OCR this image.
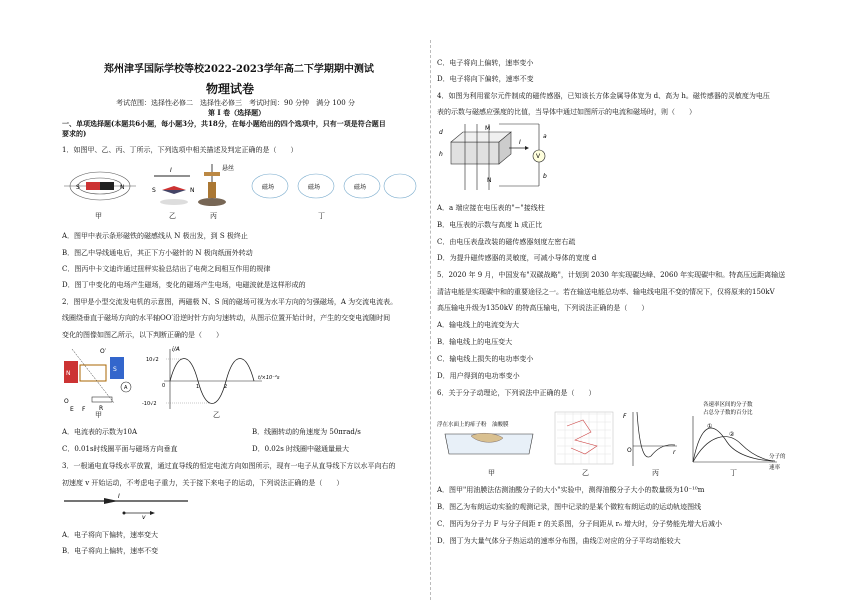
郑州津孚国际学校等校2022-2023学年高二下学期期中测试
物理试卷
考试范围：选择性必修二　选择性必修三　考试时间：90 分钟　满分 100 分
第 I 卷（选择题）
一、单项选择题(本题共6小题，每小题3分，共18分，在每小题给出的四个选项中，只有一项是符合题目
要求的)
1．如图甲、乙、丙、丁所示，下列选项中相关描述及判定正确的是（　　）
S	N
I
S	N
悬丝
磁场	磁场	磁场
甲	乙	丙	丁
A．图甲中表示条形磁铁的磁感线从 N 极出发，到 S 极终止
B．图乙中导线通电后，其正下方小磁针的 N 极向纸面外转动
C．图丙中卡文迪许通过扭秤实验总结出了电荷之间相互作用的规律
D．图丁中变化的电场产生磁场，变化的磁场产生电场，电磁波就是这样形成的
2．图甲是小型交流发电机的示意图，两磁极 N、S 间的磁场可视为水平方向的匀强磁场，A 为交流电流表。
线圈绕垂直于磁场方向的水平轴OO′沿逆时针方向匀速转动，从图示位置开始计时，产生的交变电流随时间
变化的图像如图乙所示，以下判断正确的是（　　）
N
S
O′
O
A
R
E F
i/A
10√2
-10√2
0	1	2
t/×10⁻²s
甲	乙
A．电流表的示数为10A	B．线圈转动的角速度为 50πrad/s
C．0.01s时线圈平面与磁场方向垂直	D．0.02s 时线圈中磁通量最大
3．一根通电直导线水平放置，通过直导线的恒定电流方向如图所示，现有一电子从直导线下方以水平向右的
初速度 v 开始运动，不考虑电子重力，关于接下来电子的运动，下列说法正确的是（　　）
I
v
A．电子将向下偏转，速率变大
B．电子将向上偏转，速率不变
C．电子将向上偏转，速率变小
D．电子将向下偏转，速率不变
4．如图为利用霍尔元件制成的磁传感器，已知该长方体金属导体宽为 d、高为 h。磁传感器的灵敏度为电压
表的示数与磁感应强度的比值，当导体中通过如图所示的电流和磁场时，则（　　）
d
h
M
N
I
V
a
b
A．a 端应接在电压表的"−"接线柱
B．电压表的示数与高度 h 成正比
C．由电压表盘改装的磁传感器刻度左密右疏
D．为提升磁传感器的灵敏度，可减小导体的宽度 d
5．2020 年 9 月，中国发布"双碳战略"，计划到 2030 年实现碳达峰、2060 年实现碳中和。特高压远距离输送
清洁电能是实现碳中和的重要途径之一。若在输送电能总功率、输电线电阻不变的情况下，仅将原来的150kV
高压输电升级为1350kV 的特高压输电，下列说法正确的是（　　）
A．输电线上的电流变为大
B．输电线上的电压变大
C．输电线上损失的电功率变小
D．用户得到的电功率变小
6．关于分子动理论，下列说法中正确的是（　　）
浮在水面上的痱子粉　油酸膜
F
r
O
各速率区间的分子数
占总分子数的百分比
①
②
分子的
速率
甲	乙	丙	丁
A．图甲"用油膜法估测油酸分子的大小"实验中，测得油酸分子大小的数量级为10⁻¹⁰m
B．图乙为布朗运动实验的观测记录，图中记录的是某个微粒布朗运动的运动轨迹图线
C．图丙为分子力 F 与分子间距 r 的关系图，分子间距从 r₀ 增大时，分子势能先增大后减小
D．图丁为大量气体分子热运动的速率分布图，曲线②对应的分子平均动能较大
